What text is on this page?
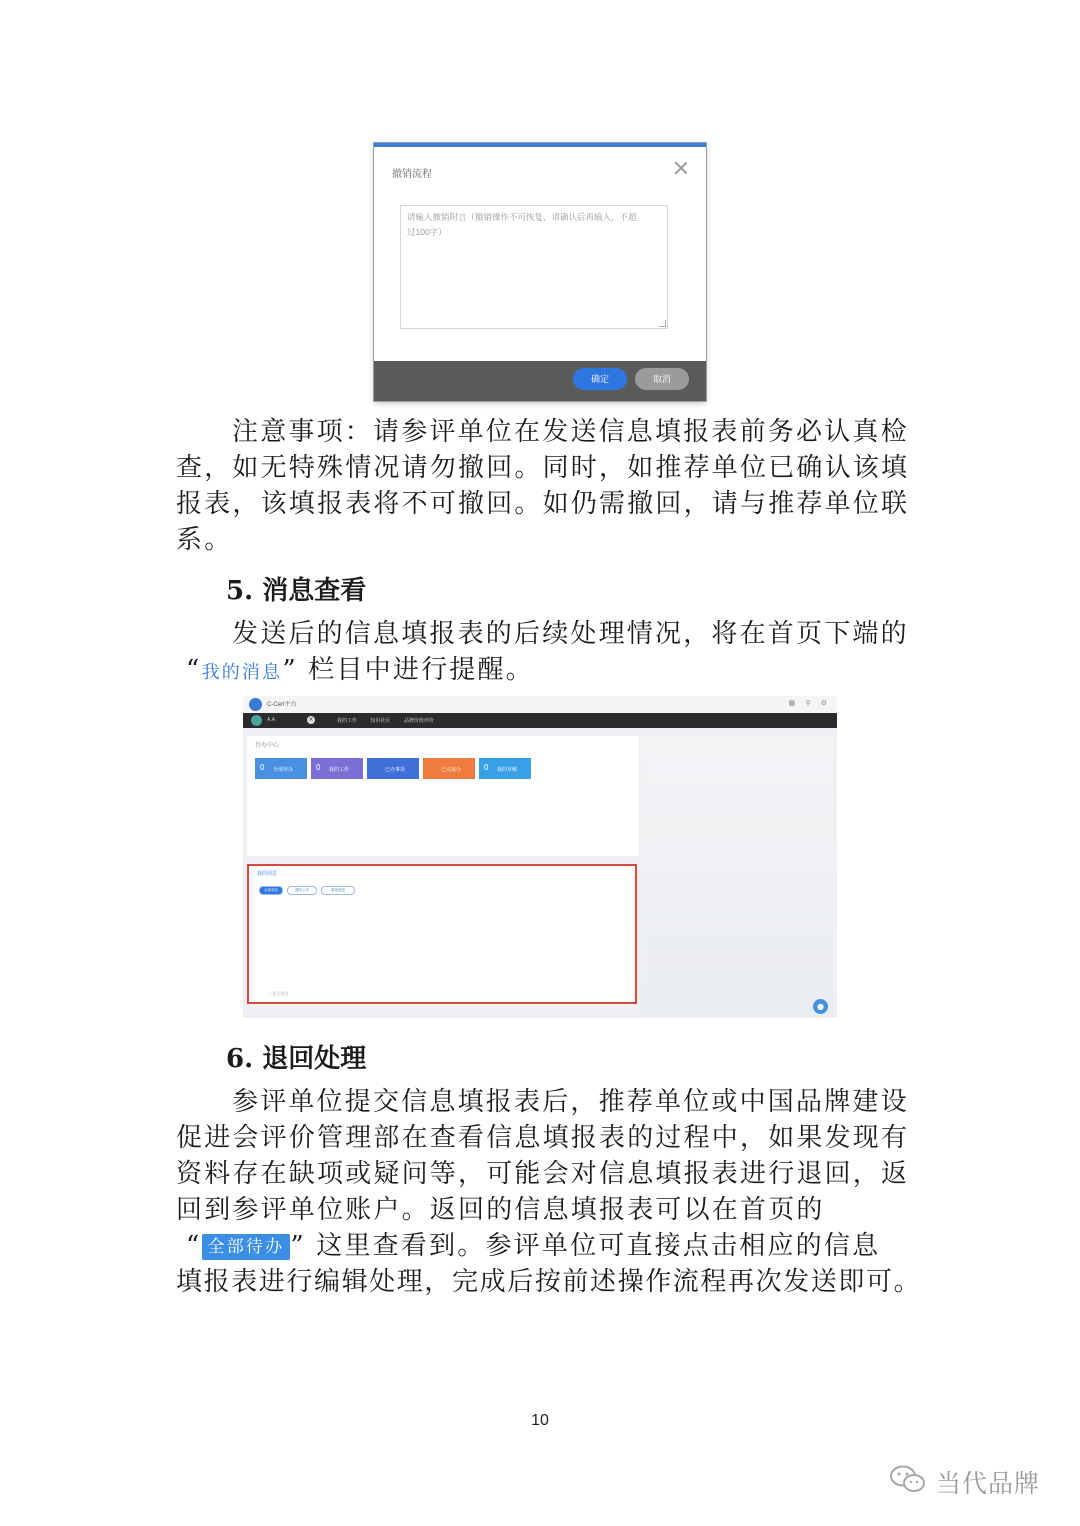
撤销流程
请输入撤销附言（撤销操作不可恢复，请确认后再输入，不超
过100字）
确定	取消
注意事项：请参评单位在发送信息填报表前务必认真检
查，如无特殊情况请勿撤回。同时，如推荐单位已确认该填
报表，该填报表将不可撤回。如仍需撤回，请与推荐单位联
系。
5. 消息查看
发送后的信息填报表的后续处理情况，将在首页下端的
“我的消息” 栏目中进行提醒。
C-Cert平台	▦ ⚲ ⚙
A.A	×	我的工作	知识社区	品牌价值评价
待办中心
0 全部待办	0 我的工作	已办事项	已完成办	0 我的草稿
我的消息
全部消息	通知公告	系统消息
○ 暂无消息
●
6. 退回处理
参评单位提交信息填报表后，推荐单位或中国品牌建设
促进会评价管理部在查看信息填报表的过程中，如果发现有
资料存在缺项或疑问等，可能会对信息填报表进行退回，返
回到参评单位账户。返回的信息填报表可以在首页的
“ 全部待办 ” 这里查看到。参评单位可直接点击相应的信息
填报表进行编辑处理，完成后按前述操作流程再次发送即可。
10
当代品牌
